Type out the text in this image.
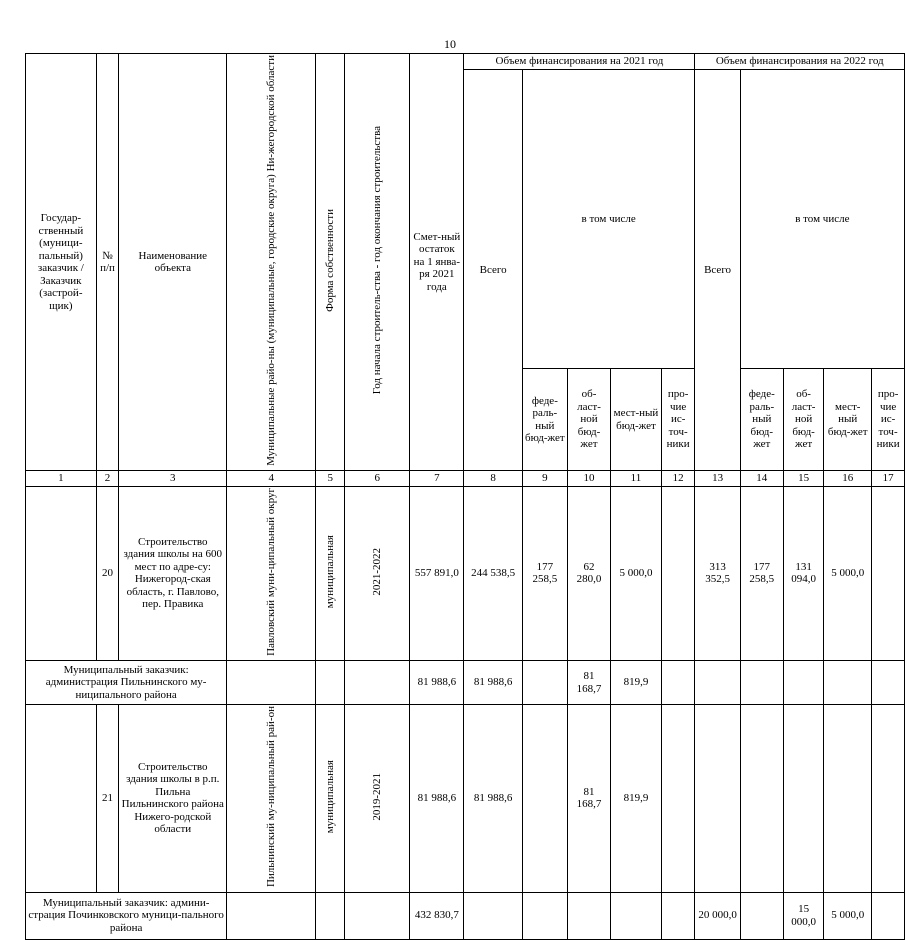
10
Государ-ственный (муници-пальный) заказчик / Заказчик (застрой-щик)	№ п/п	Наименование объекта	Муниципальные райо-ны (муниципальные, городские округа) Ни-жегородской области	Форма собственности	Год начала строитель-ства - год окончания строительства	Смет-ный остаток на 1 янва-ря 2021 года	Объем финансирования на 2021 год					Объем финансирования на 2022 год				
							Всего	в том числе				Всего	в том числе			
								феде-раль-ный бюд-жет	об-ласт-ной бюд-жет	мест-ный бюд-жет	про-чие ис-точ-ники		феде-раль-ный бюд-жет	об-ласт-ной бюд-жет	мест-ный бюд-жет	про-чие ис-точ-ники
1	2	3	4	5	6	7	8	9	10	11	12	13	14	15	16	17
	20	Строительство здания школы на 600 мест по адре-су: Нижегород-ская область, г. Павлово, пер. Правика	Павловский муни-ципальный округ	муниципальная	2021-2022	557 891,0	244 538,5	177 258,5	62 280,0	5 000,0		313 352,5	177 258,5	131 094,0	5 000,0	
Муниципальный заказчик: администрация Пильнинского му-ниципального района						81 988,6	81 988,6		81 168,7	819,9						
	21	Строительство здания школы в р.п. Пильна Пильнинского района Нижего-родской области	Пильнинский му-ниципальный рай-он	муниципальная	2019-2021	81 988,6	81 988,6		81 168,7	819,9						
Муниципальный заказчик: админи-страция Починковского муници-пального района						432 830,7						20 000,0		15 000,0	5 000,0	
